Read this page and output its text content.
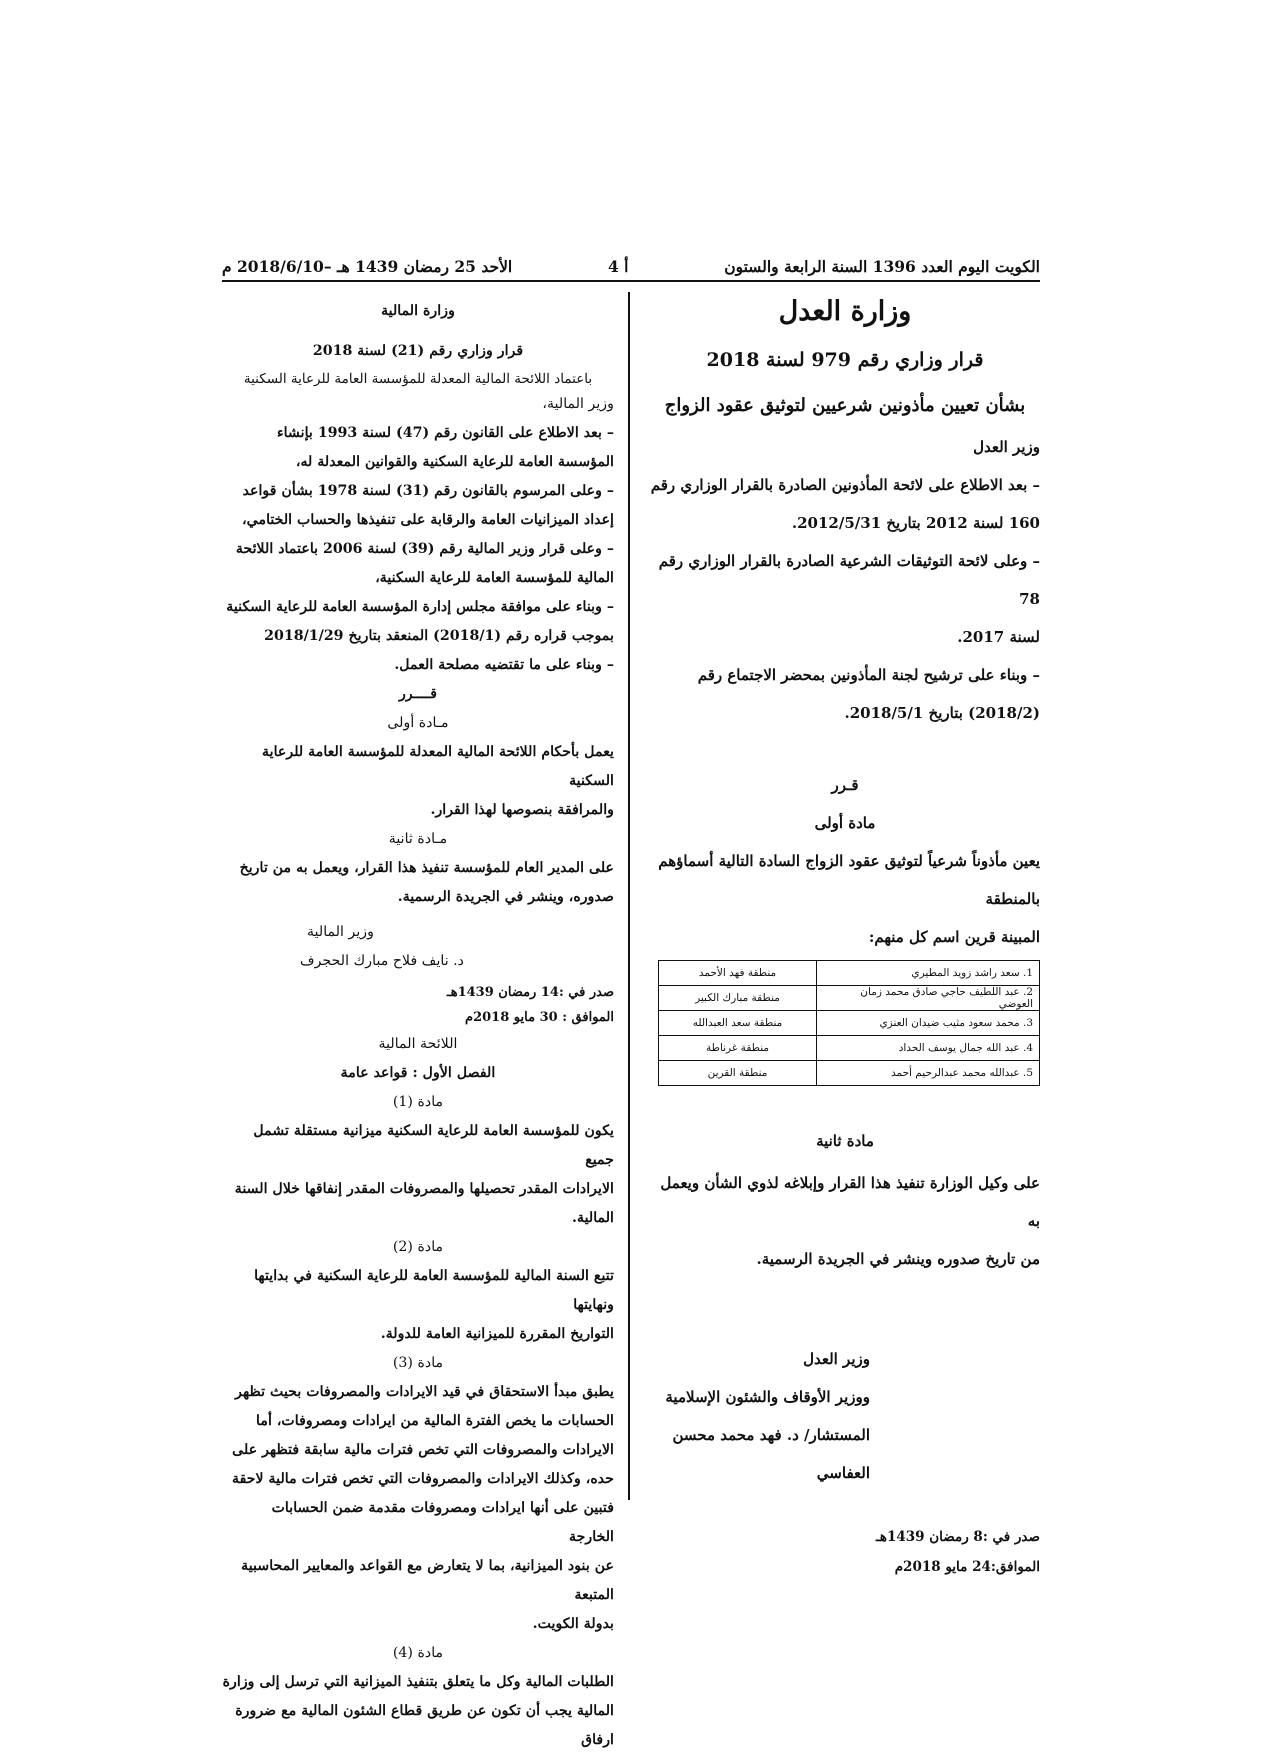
الكويت اليوم العدد 1396 السنة الرابعة والستون
أ 4
الأحد 25 رمضان 1439 هـ –2018/6/10 م

وزارة العدل

قرار وزاري رقم 979 لسنة 2018

بشأن تعيين مأذونين شرعيين لتوثيق عقود الزواج

وزير العدل

– بعد الاطلاع على لائحة المأذونين الصادرة بالقرار الوزاري رقم

160 لسنة 2012 بتاريخ 2012/5/31.

– وعلى لائحة التوثيقات الشرعية الصادرة بالقرار الوزاري رقم 78

لسنة 2017.

– وبناء على ترشيح لجنة المأذونين بمحضر الاجتماع رقم

(2018/2) بتاريخ 2018/5/1.

قـرر

مادة أولى

يعين مأذوناً شرعياً لتوثيق عقود الزواج السادة التالية أسماؤهم بالمنطقة

المبينة قرين اسم كل منهم:

1. سعد راشد زويد المطيري	منطقة فهد الأحمد
2. عبد اللطيف حاجي صادق محمد زمان العوضي	منطقة مبارك الكبير
3. محمد سعود مثيب ضيدان العنزي	منطقة سعد العبدالله
4. عبد الله جمال يوسف الحداد	منطقة غرناطة
5. عبدالله محمد عبدالرحيم أحمد	منطقة القرين

مادة ثانية

على وكيل الوزارة تنفيذ هذا القرار وإبلاغه لذوي الشأن ويعمل به

من تاريخ صدوره وينشر في الجريدة الرسمية.

وزير العدل

ووزير الأوقاف والشئون الإسلامية

المستشار/ د. فهد محمد محسن العفاسي

صدر في :8 رمضان 1439هـ

الموافق:24 مايو 2018م

وزارة المالية

قرار وزاري رقم (21) لسنة 2018

باعتماد اللائحة المالية المعدلة للمؤسسة العامة للرعاية السكنية

وزير المالية،

– بعد الاطلاع على القانون رقم (47) لسنة 1993 بإنشاء

المؤسسة العامة للرعاية السكنية والقوانين المعدلة له،

– وعلى المرسوم بالقانون رقم (31) لسنة 1978 بشأن قواعد

إعداد الميزانيات العامة والرقابة على تنفيذها والحساب الختامي،

– وعلى قرار وزير المالية رقم (39) لسنة 2006 باعتماد اللائحة

المالية للمؤسسة العامة للرعاية السكنية،

– وبناء على موافقة مجلس إدارة المؤسسة العامة للرعاية السكنية

بموجب قراره رقم (2018/1) المنعقد بتاريخ 2018/1/29

– وبناء على ما تقتضيه مصلحة العمل.

قــــرر

مـادة أولى

يعمل بأحكام اللائحة المالية المعدلة للمؤسسة العامة للرعاية السكنية

والمرافقة بنصوصها لهذا القرار.

مـادة ثانية

على المدير العام للمؤسسة تنفيذ هذا القرار، ويعمل به من تاريخ

صدوره، وينشر في الجريدة الرسمية.

وزير المالية

د. نايف فلاح مبارك الحجرف

صدر في :14 رمضان 1439هـ

الموافق : 30 مايو 2018م

اللائحة المالية

الفصل الأول : قواعد عامة

مادة (1)

يكون للمؤسسة العامة للرعاية السكنية ميزانية مستقلة تشمل جميع

الايرادات المقدر تحصيلها والمصروفات المقدر إنفاقها خلال السنة المالية.

مادة (2)

تتبع السنة المالية للمؤسسة العامة للرعاية السكنية في بدايتها ونهايتها

التواريخ المقررة للميزانية العامة للدولة.

مادة (3)

يطبق مبدأ الاستحقاق في قيد الايرادات والمصروفات بحيث تظهر

الحسابات ما يخص الفترة المالية من ايرادات ومصروفات، أما

الايرادات والمصروفات التي تخص فترات مالية سابقة فتظهر على

حده، وكذلك الايرادات والمصروفات التي تخص فترات مالية لاحقة

فتبين على أنها ايرادات ومصروفات مقدمة ضمن الحسابات الخارجة

عن بنود الميزانية، بما لا يتعارض مع القواعد والمعايير المحاسبية المتبعة

بدولة الكويت.

مادة (4)

الطلبات المالية وكل ما يتعلق بتنفيذ الميزانية التي ترسل إلى وزارة

المالية يجب أن تكون عن طريق قطاع الشئون المالية مع ضرورة ارفاق
